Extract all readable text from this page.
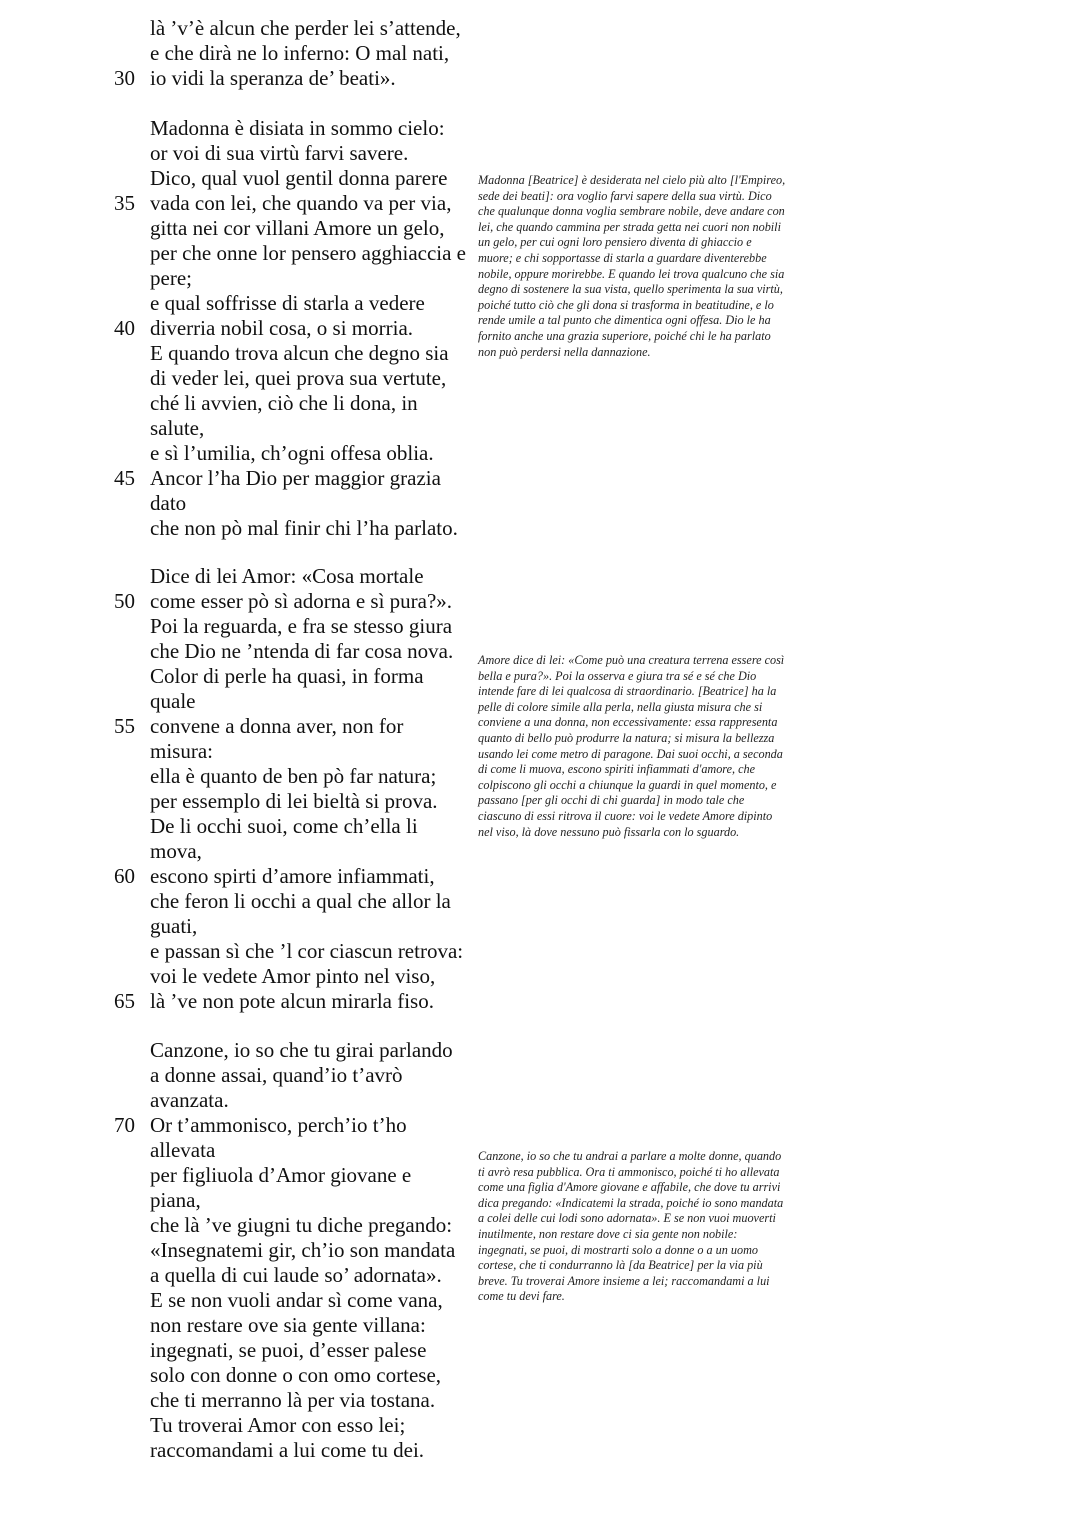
là ’v’è alcun che perder lei s’attende,
e che dirà ne lo inferno: O mal nati,
io vidi la speranza de’ beati».
30
Madonna è disiata in sommo cielo:
or voi di sua virtù farvi savere.
Dico, qual vuol gentil donna parere
vada con lei, che quando va per via,
gitta nei cor villani Amore un gelo,
per che onne lor pensero agghiaccia e
pere;
e qual soffrisse di starla a vedere
diverria nobil cosa, o si morria.
E quando trova alcun che degno sia
di veder lei, quei prova sua vertute,
ché li avvien, ciò che li dona, in
salute,
e sì l’umilia, ch’ogni offesa oblia.
Ancor l’ha Dio per maggior grazia
dato
che non pò mal finir chi l’ha parlato.
35
40
45
Dice di lei Amor: «Cosa mortale
come esser pò sì adorna e sì pura?».
Poi la reguarda, e fra se stesso giura
che Dio ne ’ntenda di far cosa nova.
Color di perle ha quasi, in forma
quale
convene a donna aver, non for
misura:
ella è quanto de ben pò far natura;
per essemplo di lei bieltà si prova.
De li occhi suoi, come ch’ella li
mova,
escono spirti d’amore infiammati,
che feron li occhi a qual che allor la
guati,
e passan sì che ’l cor ciascun retrova:
voi le vedete Amor pinto nel viso,
là ’ve non pote alcun mirarla fiso.
50
55
60
65
Canzone, io so che tu girai parlando
a donne assai, quand’io t’avrò
avanzata.
Or t’ammonisco, perch’io t’ho
allevata
per figliuola d’Amor giovane e
piana,
che là ’ve giugni tu diche pregando:
«Insegnatemi gir, ch’io son mandata
a quella di cui laude so’ adornata».
E se non vuoli andar sì come vana,
non restare ove sia gente villana:
ingegnati, se puoi, d’esser palese
solo con donne o con omo cortese,
che ti merranno là per via tostana.
Tu troverai Amor con esso lei;
raccomandami a lui come tu dei.
70
Madonna [Beatrice] è desiderata nel cielo più alto [l'Empireo,
sede dei beati]: ora voglio farvi sapere della sua virtù. Dico
che qualunque donna voglia sembrare nobile, deve andare con
lei, che quando cammina per strada getta nei cuori non nobili
un gelo, per cui ogni loro pensiero diventa di ghiaccio e
muore; e chi sopportasse di starla a guardare diventerebbe
nobile, oppure morirebbe. E quando lei trova qualcuno che sia
degno di sostenere la sua vista, quello sperimenta la sua virtù,
poiché tutto ciò che gli dona si trasforma in beatitudine, e lo
rende umile a tal punto che dimentica ogni offesa. Dio le ha
fornito anche una grazia superiore, poiché chi le ha parlato
non può perdersi nella dannazione.
Amore dice di lei: «Come può una creatura terrena essere così
bella e pura?». Poi la osserva e giura tra sé e sé che Dio
intende fare di lei qualcosa di straordinario. [Beatrice] ha la
pelle di colore simile alla perla, nella giusta misura che si
conviene a una donna, non eccessivamente: essa rappresenta
quanto di bello può produrre la natura; si misura la bellezza
usando lei come metro di paragone. Dai suoi occhi, a seconda
di come li muova, escono spiriti infiammati d'amore, che
colpiscono gli occhi a chiunque la guardi in quel momento, e
passano [per gli occhi di chi guarda] in modo tale che
ciascuno di essi ritrova il cuore: voi le vedete Amore dipinto
nel viso, là dove nessuno può fissarla con lo sguardo.
Canzone, io so che tu andrai a parlare a molte donne, quando
ti avrò resa pubblica. Ora ti ammonisco, poiché ti ho allevata
come una figlia d'Amore giovane e affabile, che dove tu arrivi
dica pregando: «Indicatemi la strada, poiché io sono mandata
a colei delle cui lodi sono adornata». E se non vuoi muoverti
inutilmente, non restare dove ci sia gente non nobile:
ingegnati, se puoi, di mostrarti solo a donne o a un uomo
cortese, che ti condurranno là [da Beatrice] per la via più
breve. Tu troverai Amore insieme a lei; raccomandami a lui
come tu devi fare.
